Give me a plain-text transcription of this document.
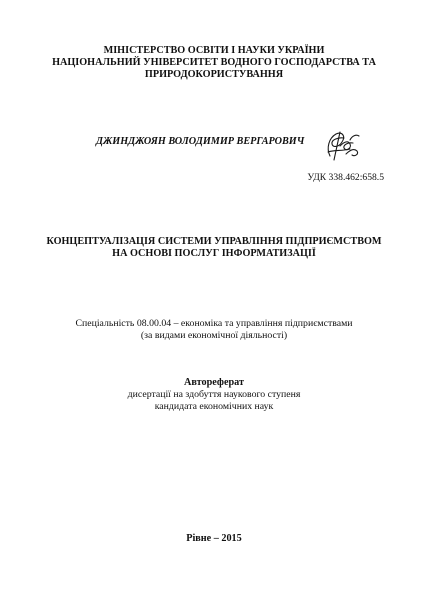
МІНІСТЕРСТВО ОСВІТИ І НАУКИ УКРАЇНИ
НАЦІОНАЛЬНИЙ УНІВЕРСИТЕТ ВОДНОГО ГОСПОДАРСТВА ТА
ПРИРОДОКОРИСТУВАННЯ
ДЖИНДЖОЯН ВОЛОДИМИР ВЕРГАРОВИЧ
УДК 338.462:658.5
КОНЦЕПТУАЛІЗАЦІЯ СИСТЕМИ УПРАВЛІННЯ ПІДПРИЄМСТВОМ
НА ОСНОВІ ПОСЛУГ ІНФОРМАТИЗАЦІЇ
Спеціальність 08.00.04 – економіка та управління підприємствами
(за видами економічної діяльності)
Автореферат
дисертації на здобуття наукового ступеня
кандидата економічних наук
Рівне – 2015
